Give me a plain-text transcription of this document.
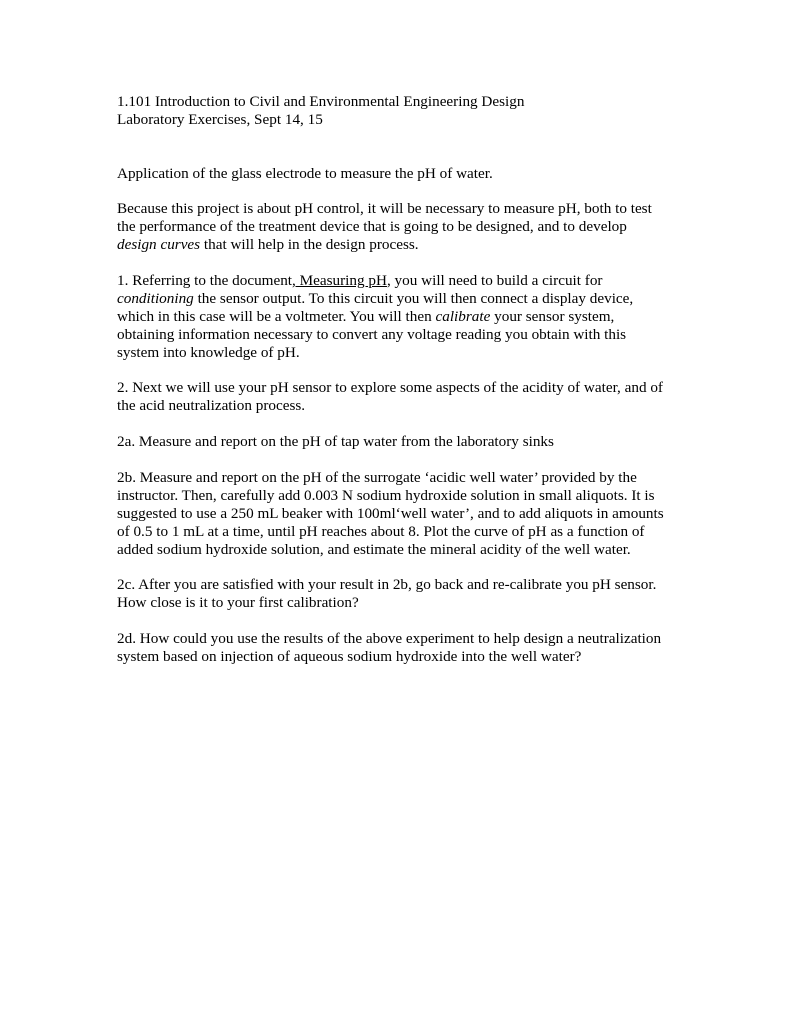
1.101 Introduction to Civil and Environmental Engineering Design
Laboratory Exercises, Sept 14, 15

Application of the glass electrode to measure the pH of water.

Because this project is about pH control, it will be necessary to measure pH, both to test
the performance of the treatment device that is going to be designed, and to develop
design curves that will help in the design process.

1. Referring to the document, Measuring pH, you will need to build a circuit for
conditioning the sensor output. To this circuit you will then connect a display device,
which in this case will be a voltmeter. You will then calibrate your sensor system,
obtaining information necessary to convert any voltage reading you obtain with this
system into knowledge of pH.

2. Next we will use your pH sensor to explore some aspects of the acidity of water, and of
the acid neutralization process.

2a. Measure and report on the pH of tap water from the laboratory sinks

2b. Measure and report on the pH of the surrogate ‘acidic well water’ provided by the
instructor. Then, carefully add 0.003 N sodium hydroxide solution in small aliquots. It is
suggested to use a 250 mL beaker with 100ml‘well water’, and to add aliquots in amounts
of 0.5 to 1 mL at a time, until pH reaches about 8. Plot the curve of pH as a function of
added sodium hydroxide solution, and estimate the mineral acidity of the well water.

2c. After you are satisfied with your result in 2b, go back and re-calibrate you pH sensor.
How close is it to your first calibration?

2d. How could you use the results of the above experiment to help design a neutralization
system based on injection of aqueous sodium hydroxide into the well water?
